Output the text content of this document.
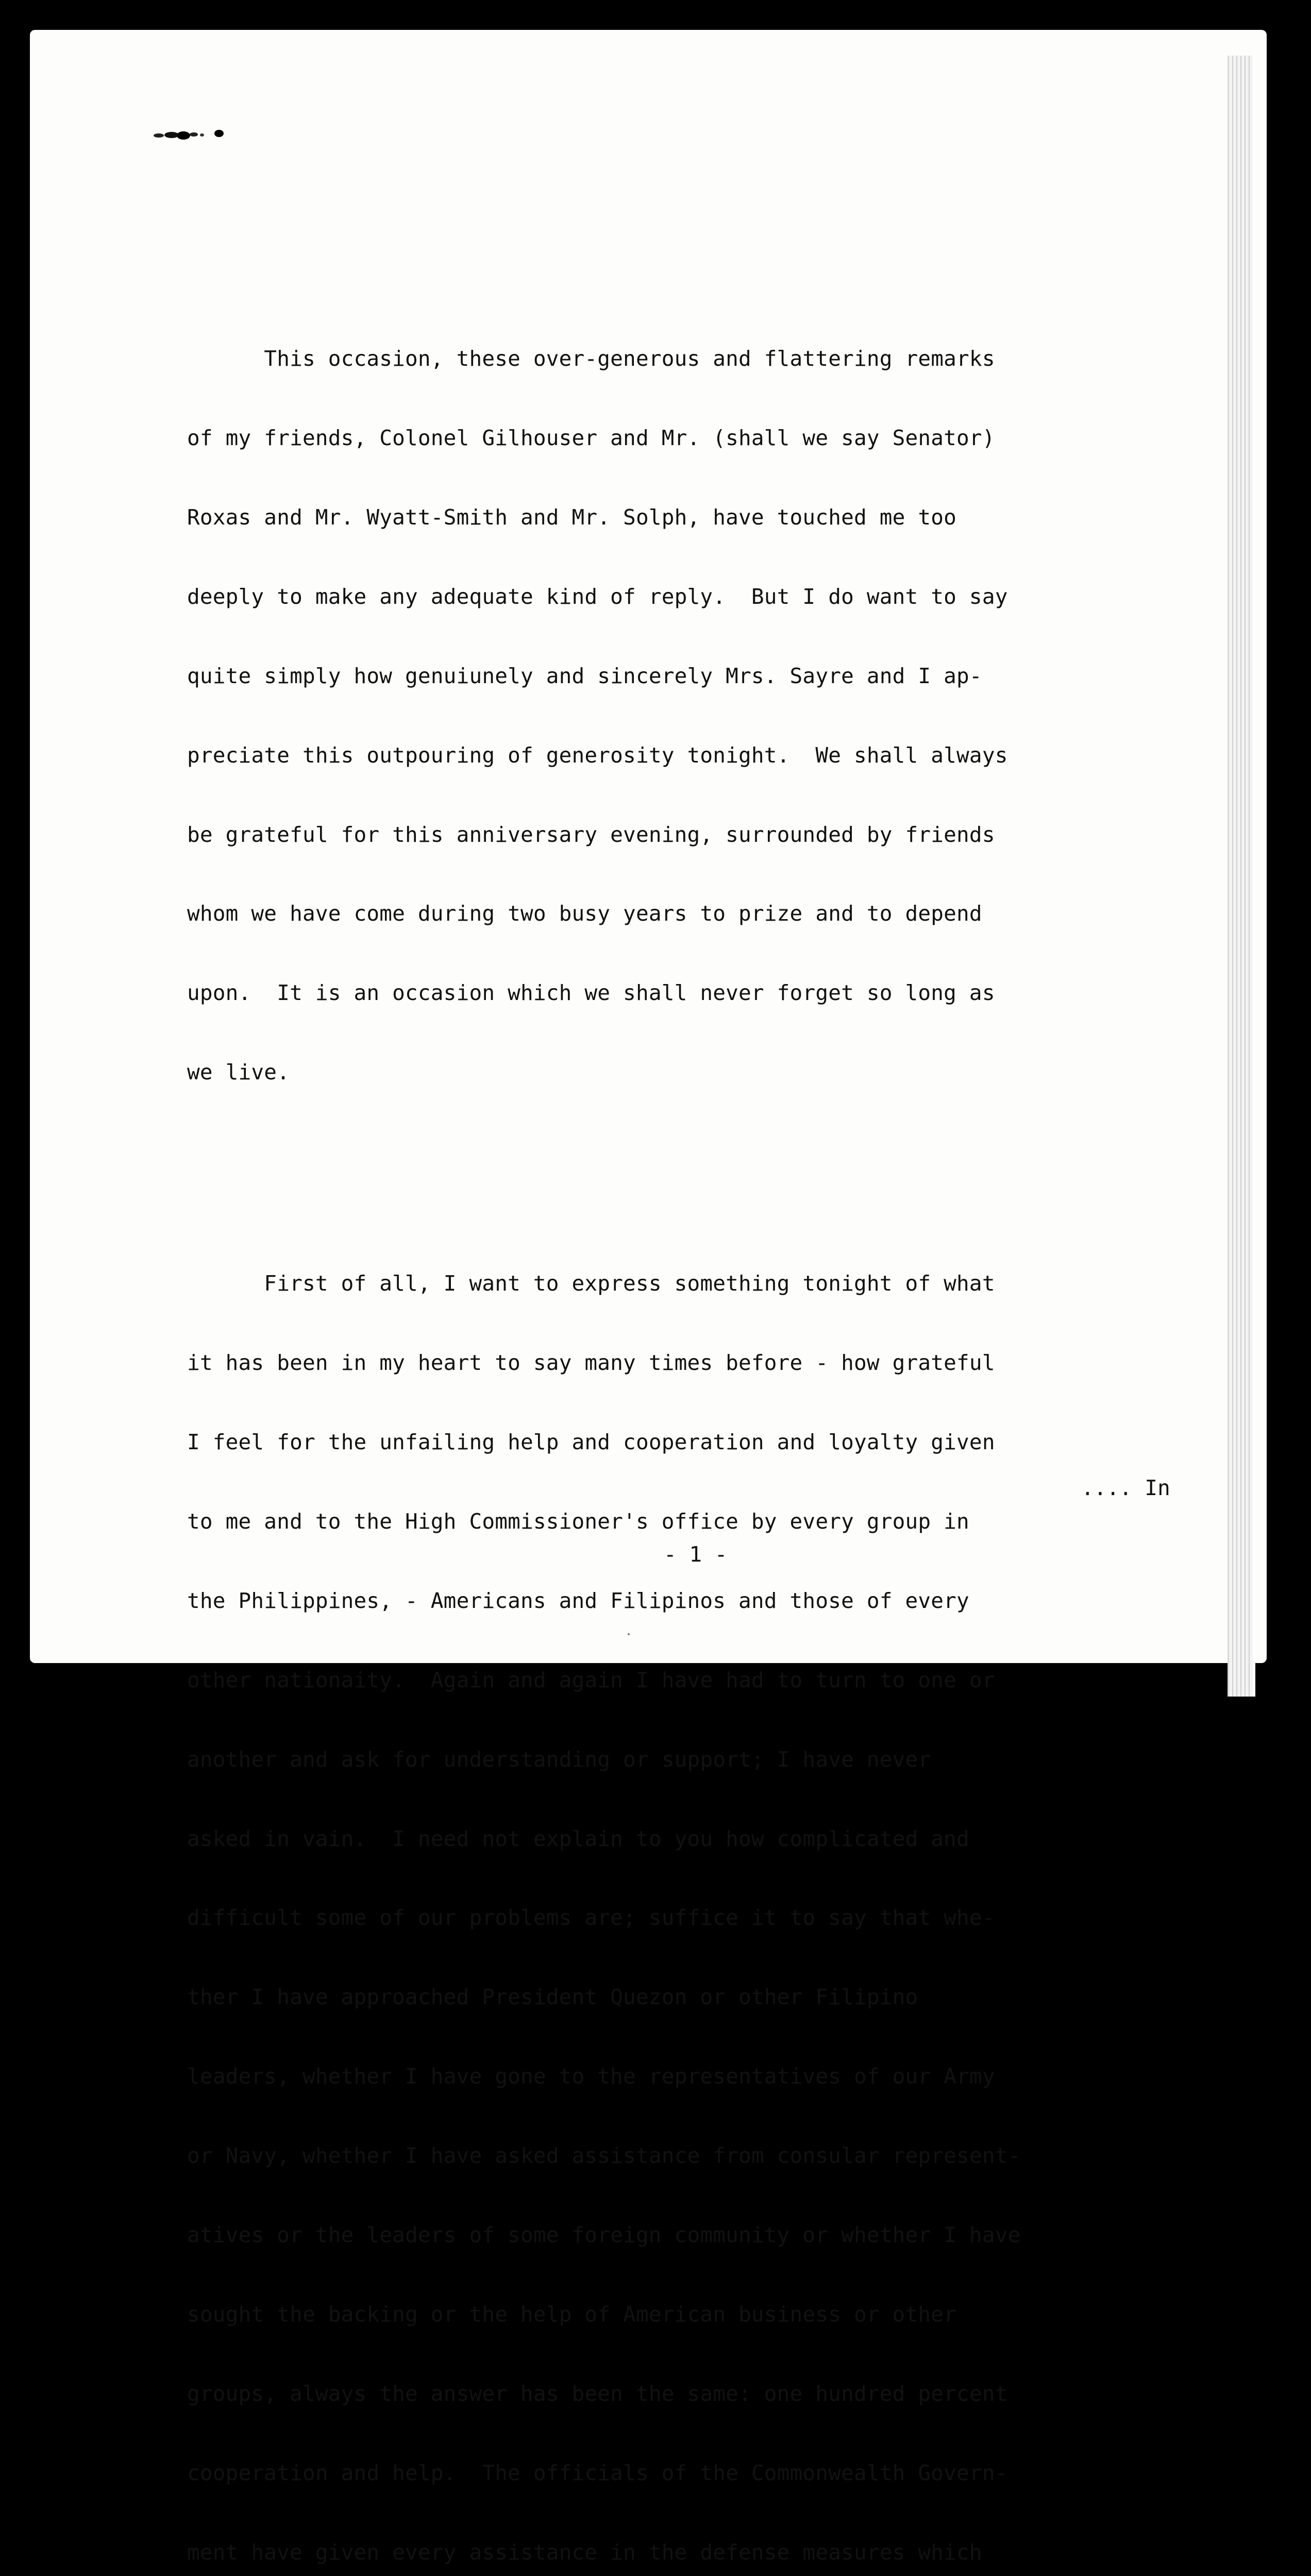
This occasion, these over-generous and flattering remarks

of my friends, Colonel Gilhouser and Mr. (shall we say Senator)

Roxas and Mr. Wyatt-Smith and Mr. Solph, have touched me too

deeply to make any adequate kind of reply.  But I do want to say

quite simply how genuiunely and sincerely Mrs. Sayre and I ap-

preciate this outpouring of generosity tonight.  We shall always

be grateful for this anniversary evening, surrounded by friends

whom we have come during two busy years to prize and to depend

upon.  It is an occasion which we shall never forget so long as

we live.

First of all, I want to express something tonight of what

it has been in my heart to say many times before - how grateful

I feel for the unfailing help and cooperation and loyalty given

to me and to the High Commissioner's office by every group in

the Philippines, - Americans and Filipinos and those of every

other nationaity.  Again and again I have had to turn to one or

another and ask for understanding or support; I have never

asked in vain.  I need not explain to you how complicated and

difficult some of our problems are; suffice it to say that whe-

ther I have approached President Quezon or other Filipino

leaders, whether I have gone to the representatives of our Army

or Navy, whether I have asked assistance from consular represent-

atives or the leaders of some foreign community or whether I have

sought the backing or the help of American business or other

groups, always the answer has been the same: one hundred percent

cooperation and help.  The officials of the Commonwealth Govern-

ment have given every assistance in the defense measures which

.... In
- 1 -
